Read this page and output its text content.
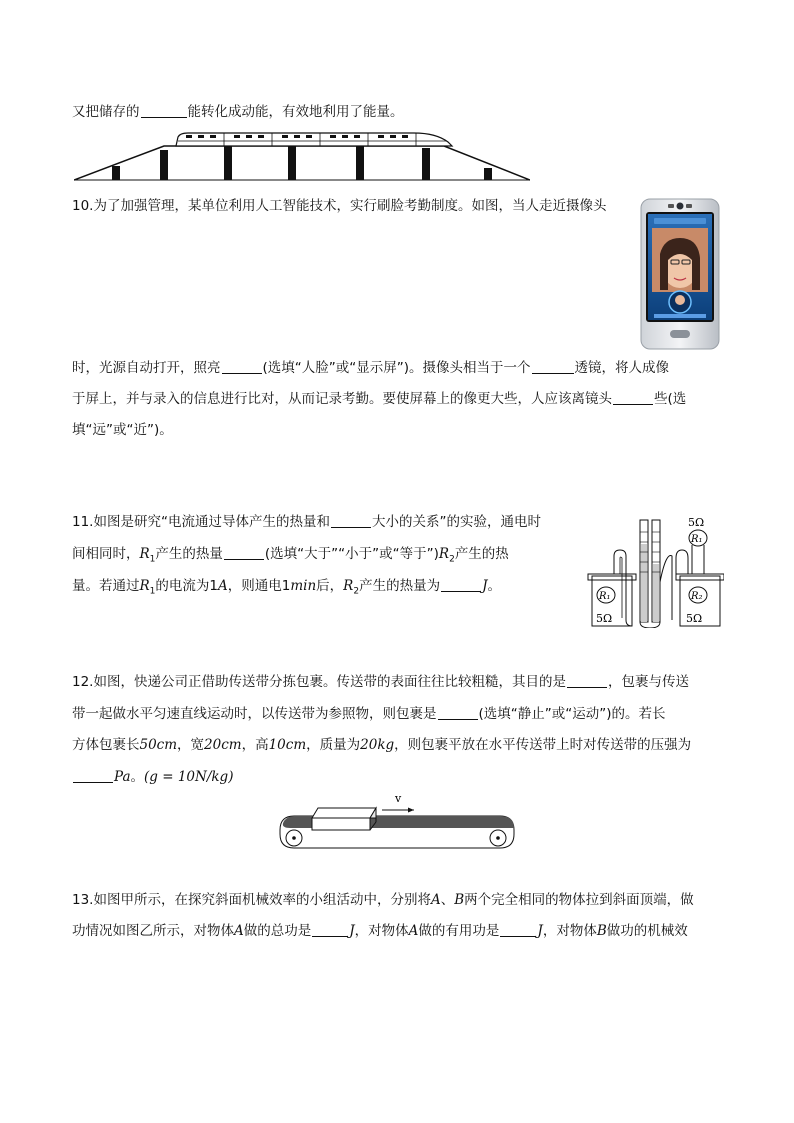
又把储存的	能转化成动能，有效地利用了能量。
10.为了加强管理，某单位利用人工智能技术，实行刷脸考勤制度。如图，当人走近摄像头
时，光源自动打开，照亮	(选填“人脸”或“显示屏”)。摄像头相当于一个	透镜，将人成像
于屏上，并与录入的信息进行比对，从而记录考勤。要使屏幕上的像更大些，人应该离镜头	些(选
填“远”或“近”)。
11.如图是研究“电流通过导体产生的热量和	大小的关系”的实验，通电时
间相同时，$R_1$产生的热量	(选填“大于”“小于”或“等于$”)R_2$产生的热
量。若通过$R_1$的电流为1A，则通电1min后，$R_2$产生的热量为	J。
R₁
5Ω
R₂
5Ω
5Ω
R₁
12.如图，快递公司正借助传送带分拣包裹。传送带的表面往往比较粗糙，其目的是	，包裹与传送
带一起做水平匀速直线运动时，以传送带为参照物，则包裹是	(选填“静止”或“运动”)的。若长
方体包裹长50cm，宽20cm，高10cm，质量为20kg，则包裹平放在水平传送带上时对传送带的压强为
Pa。(g = 10N/kg)
v
13.如图甲所示，在探究斜面机械效率的小组活动中，分别将A、B两个完全相同的物体拉到斜面顶端，做
功情况如图乙所示，对物体A做的总功是	J，对物体A做的有用功是	J，对物体B做功的机械效
